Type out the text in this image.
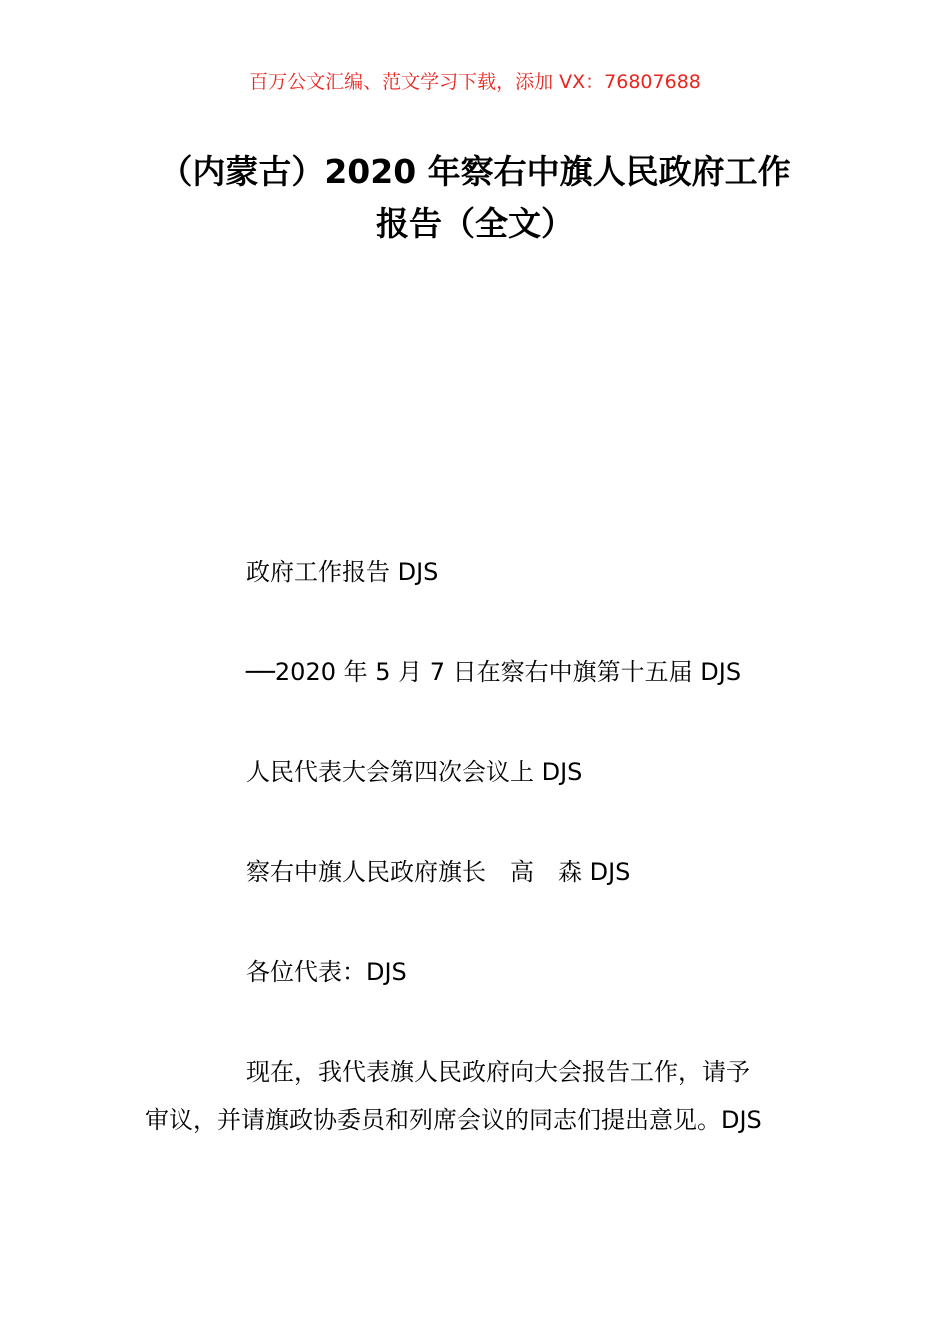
百万公文汇编、范文学习下载，添加 VX：76807688
（内蒙古）2020 年察右中旗人民政府工作
报告（全文）
政府工作报告 DJS
──2020 年 5 月 7 日在察右中旗第十五届 DJS
人民代表大会第四次会议上 DJS
察右中旗人民政府旗长　高　森 DJS
各位代表：DJS
现在，我代表旗人民政府向大会报告工作，请予
审议，并请旗政协委员和列席会议的同志们提出意见。DJS
